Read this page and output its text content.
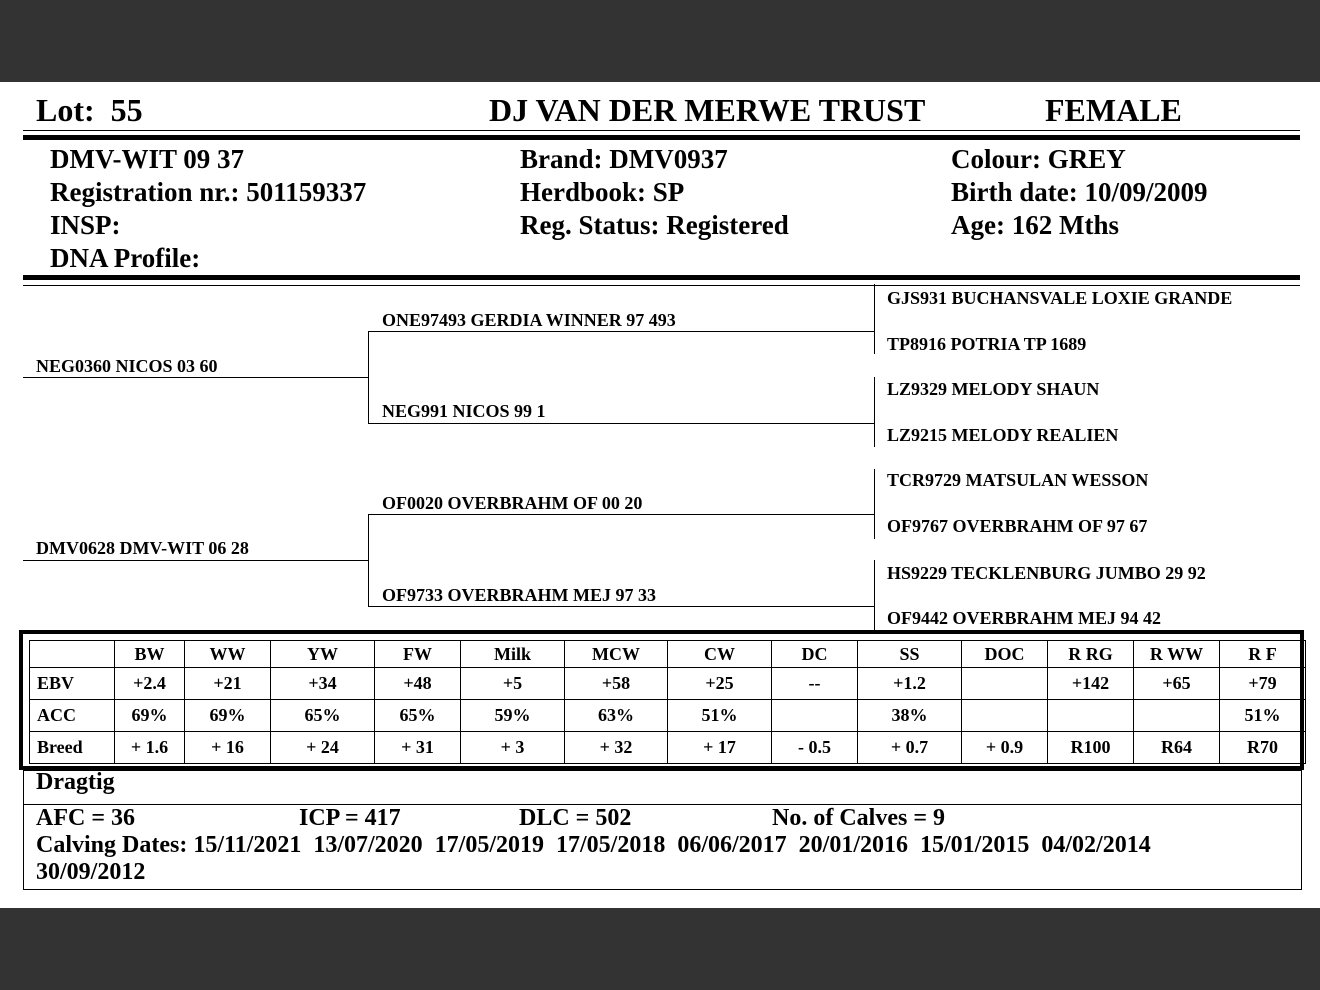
Lot: 55	DJ VAN DER MERWE TRUST	FEMALE
DMV-WIT 09 37
Registration nr.: 501159337
INSP:
DNA Profile:
Brand: DMV0937
Herdbook: SP
Reg. Status: Registered
Colour: GREY
Birth date: 10/09/2009
Age: 162 Mths
NEG0360 NICOS 03 60
DMV0628 DMV-WIT 06 28
ONE97493 GERDIA WINNER 97 493
NEG991 NICOS 99 1
OF0020 OVERBRAHM OF 00 20
OF9733 OVERBRAHM MEJ 97 33
GJS931 BUCHANSVALE LOXIE GRANDE
TP8916 POTRIA TP 1689
LZ9329 MELODY SHAUN
LZ9215 MELODY REALIEN
TCR9729 MATSULAN WESSON
OF9767 OVERBRAHM OF 97 67
HS9229 TECKLENBURG JUMBO 29 92
OF9442 OVERBRAHM MEJ 94 42
	BW	WW	YW	FW	Milk	MCW	CW	DC	SS	DOC	R RG	R WW	R F
EBV	+2.4	+21	+34	+48	+5	+58	+25	--	+1.2		+142	+65	+79
ACC	69%	69%	65%	65%	59%	63%	51%		38%				51%
Breed	+ 1.6	+ 16	+ 24	+ 31	+ 3	+ 32	+ 17	- 0.5	+ 0.7	+ 0.9	R100	R64	R70
Dragtig
AFC = 36	ICP = 417	DLC = 502	No. of Calves = 9
Calving Dates: 15/11/2021  13/07/2020  17/05/2019  17/05/2018  06/06/2017  20/01/2016  15/01/2015  04/02/2014
30/09/2012
